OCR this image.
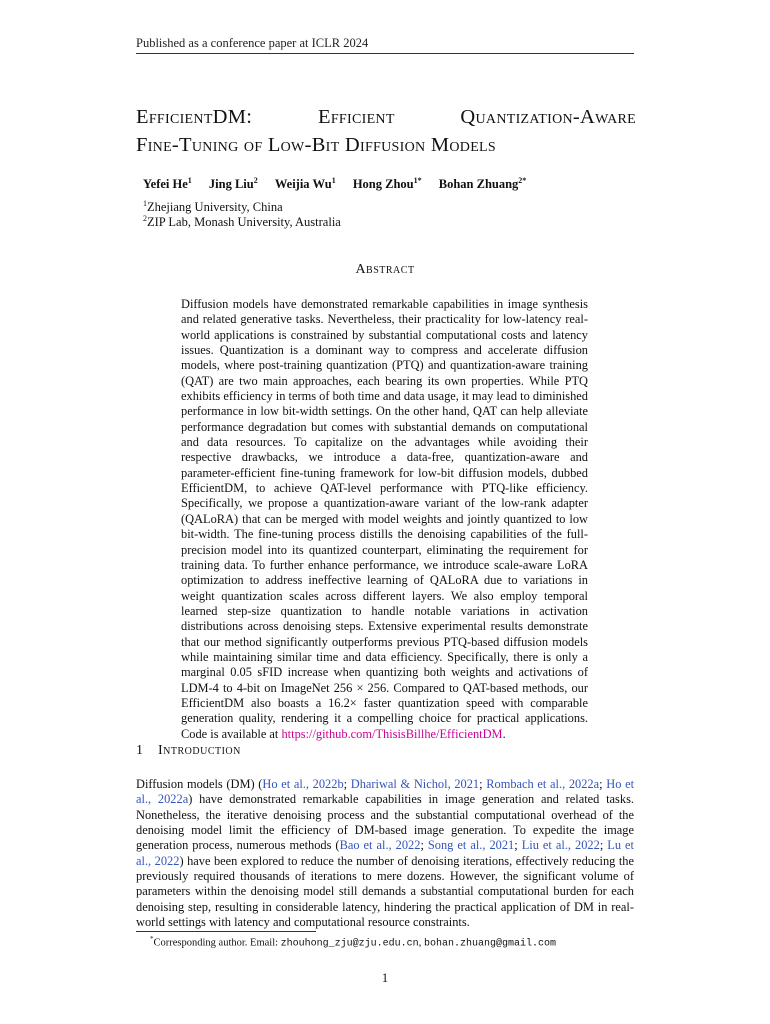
Published as a conference paper at ICLR 2024
EfficientDM: Efficient Quantization-Aware
Fine-Tuning of Low-Bit Diffusion Models
Yefei He$^1$ Jing Liu$^2$ Weijia Wu$^1$ Hong Zhou$^{1*}$ Bohan Zhuang$^{2*}$
$^1$Zhejiang University, China
$^2$ZIP Lab, Monash University, Australia
Abstract

Diffusion models have demonstrated remarkable capabilities in image synthesis and related generative tasks. Nevertheless, their practicality for low-latency real-world applications is constrained by substantial computational costs and latency issues. Quantization is a dominant way to compress and accelerate diffusion models, where post-training quantization (PTQ) and quantization-aware training (QAT) are two main approaches, each bearing its own properties. While PTQ exhibits efficiency in terms of both time and data usage, it may lead to diminished performance in low bit-width settings. On the other hand, QAT can help alleviate performance degradation but comes with substantial demands on computational and data resources. To capitalize on the advantages while avoiding their respective drawbacks, we introduce a data-free, quantization-aware and parameter-efficient fine-tuning framework for low-bit diffusion models, dubbed EfficientDM, to achieve QAT-level performance with PTQ-like efficiency. Specifically, we propose a quantization-aware variant of the low-rank adapter (QALoRA) that can be merged with model weights and jointly quantized to low bit-width. The fine-tuning process distills the denoising capabilities of the full-precision model into its quantized counterpart, eliminating the requirement for training data. To further enhance performance, we introduce scale-aware LoRA optimization to address ineffective learning of QALoRA due to variations in weight quantization scales across different layers. We also employ temporal learned step-size quantization to handle notable variations in activation distributions across denoising steps. Extensive experimental results demonstrate that our method significantly outperforms previous PTQ-based diffusion models while maintaining similar time and data efficiency. Specifically, there is only a marginal 0.05 sFID increase when quantizing both weights and activations of LDM-4 to 4-bit on ImageNet 256 × 256. Compared to QAT-based methods, our EfficientDM also boasts a 16.2× faster quantization speed with comparable generation quality, rendering it a compelling choice for practical applications. Code is available at https://github.com/ThisisBillhe/EfficientDM.

1 Introduction

Diffusion models (DM) (Ho et al., 2022b; Dhariwal & Nichol, 2021; Rombach et al., 2022a; Ho et al., 2022a) have demonstrated remarkable capabilities in image generation and related tasks. Nonetheless, the iterative denoising process and the substantial computational overhead of the denoising model limit the efficiency of DM-based image generation. To expedite the image generation process, numerous methods (Bao et al., 2022; Song et al., 2021; Liu et al., 2022; Lu et al., 2022) have been explored to reduce the number of denoising iterations, effectively reducing the previously required thousands of iterations to mere dozens. However, the significant volume of parameters within the denoising model still demands a substantial computational burden for each denoising step, resulting in considerable latency, hindering the practical application of DM in real-world settings with latency and computational resource constraints.

*Corresponding author. Email: zhouhong_zju@zju.edu.cn, bohan.zhuang@gmail.com
1
